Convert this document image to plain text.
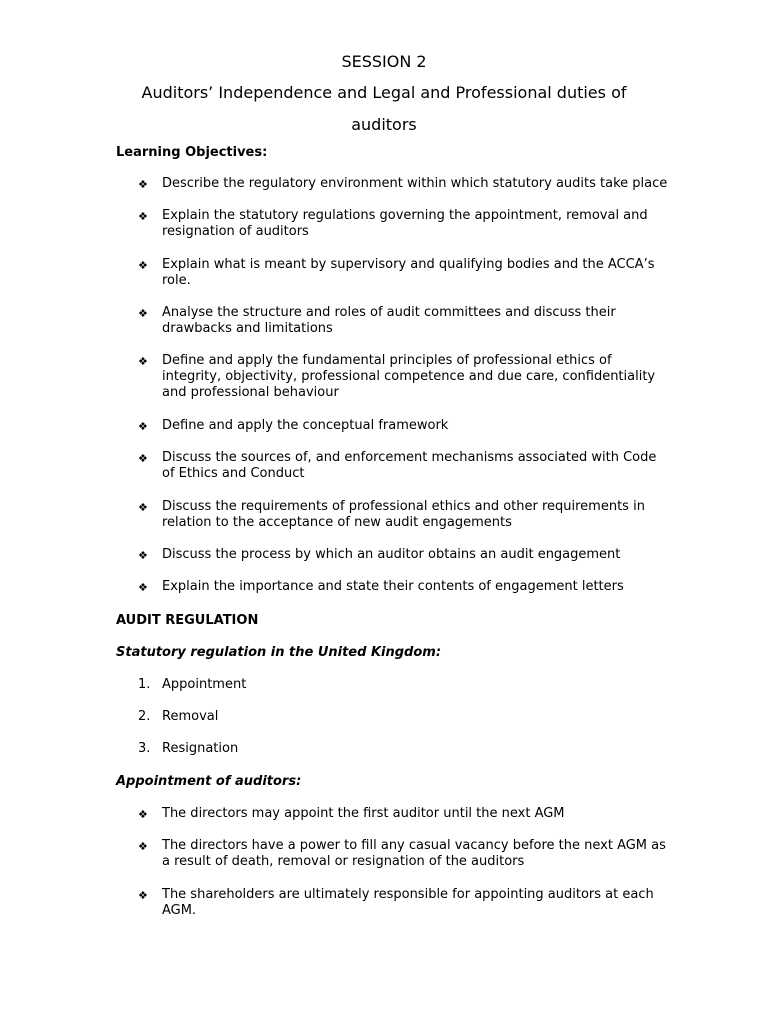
SESSION 2
Auditors’ Independence and Legal and Professional duties of
auditors
Learning Objectives:
❖	Describe the regulatory environment within which statutory audits take place
❖	Explain the statutory regulations governing the appointment, removal and resignation of auditors
❖	Explain what is meant by supervisory and qualifying bodies and the ACCA’s role.
❖	Analyse the structure and roles of audit committees and discuss their drawbacks and limitations
❖	Define and apply the fundamental principles of professional ethics of integrity, objectivity, professional competence and due care, confidentiality and professional behaviour
❖	Define and apply the conceptual framework
❖	Discuss the sources of, and enforcement mechanisms associated with Code of Ethics and Conduct
❖	Discuss the requirements of professional ethics and other requirements in relation to the acceptance of new audit engagements
❖	Discuss the process by which an auditor obtains an audit engagement
❖	Explain the importance and state their contents of engagement letters
AUDIT REGULATION
Statutory regulation in the United Kingdom:
1. Appointment
2. Removal
3. Resignation
Appointment of auditors:
❖	The directors may appoint the first auditor until the next AGM
❖	The directors have a power to fill any casual vacancy before the next AGM as a result of death, removal or resignation of the auditors
❖	The shareholders are ultimately responsible for appointing auditors at each AGM.
